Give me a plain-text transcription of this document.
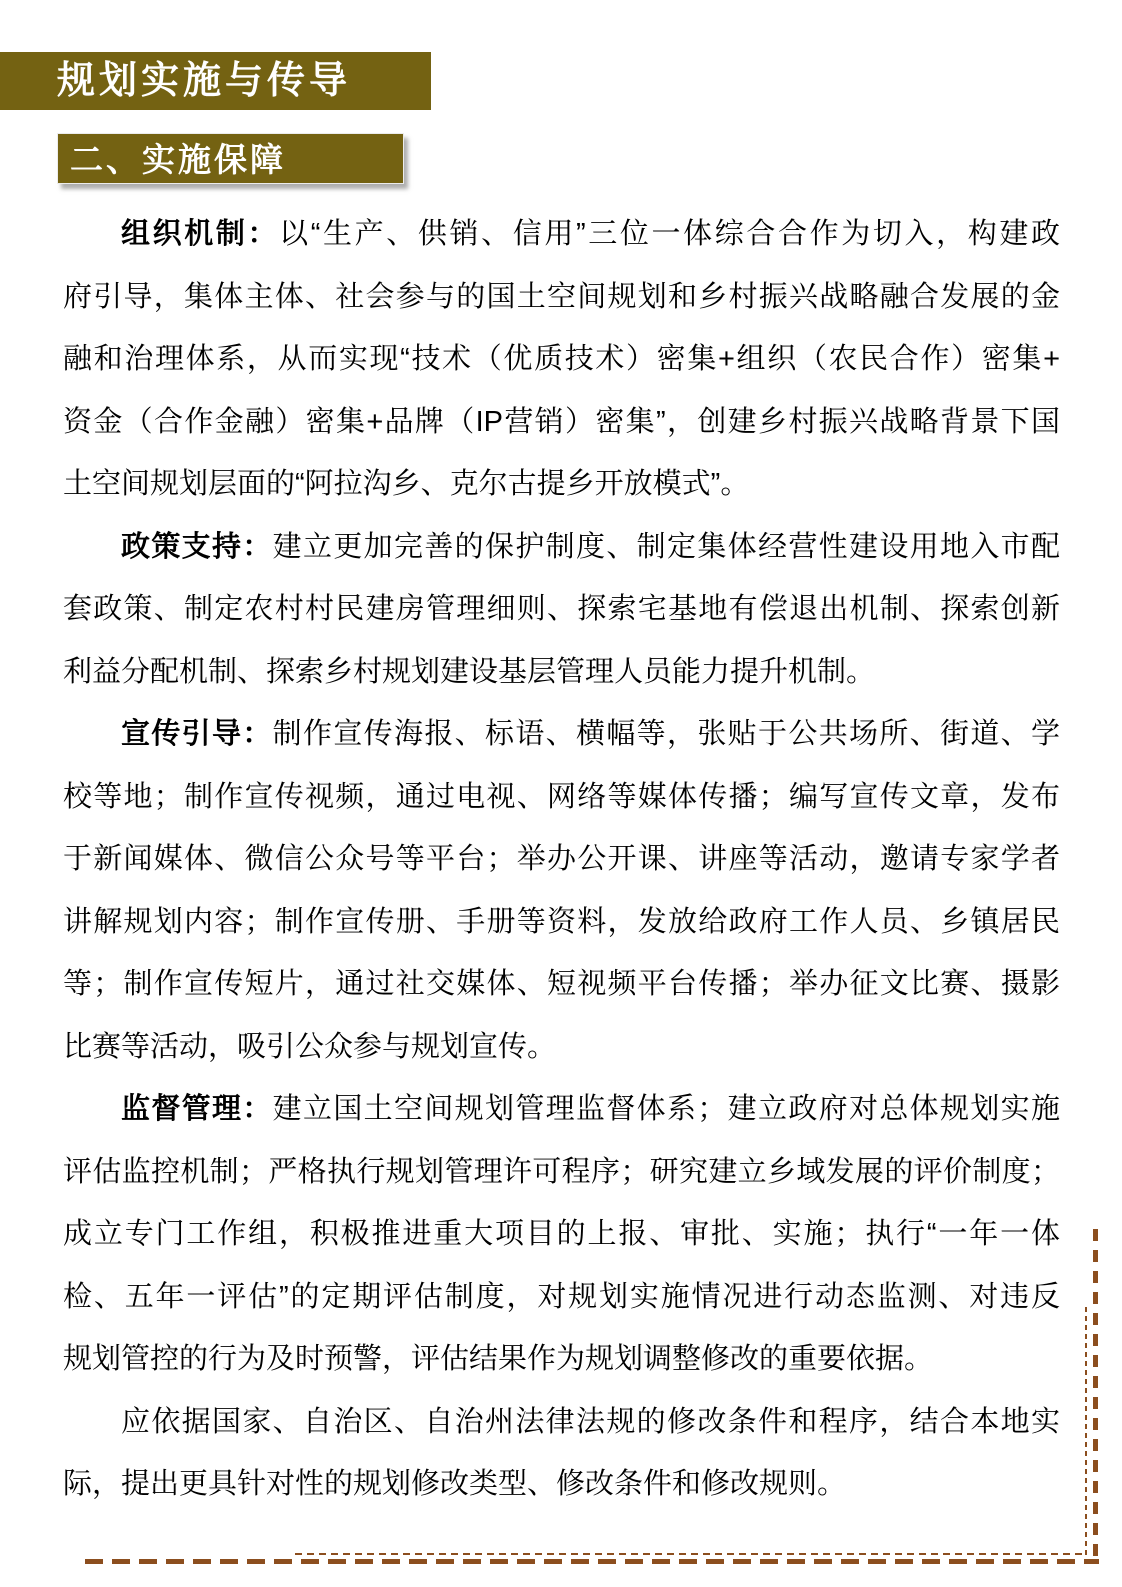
规划实施与传导
二、实施保障
组织机制：以“生产、供销、信用”三位一体综合合作为切入，构建政
府引导，集体主体、社会参与的国土空间规划和乡村振兴战略融合发展的金
融和治理体系，从而实现“技术（优质技术）密集+组织（农民合作）密集+
资金（合作金融）密集+品牌（IP营销）密集”，创建乡村振兴战略背景下国
土空间规划层面的“阿拉沟乡、克尔古提乡开放模式”。
政策支持：建立更加完善的保护制度、制定集体经营性建设用地入市配
套政策、制定农村村民建房管理细则、探索宅基地有偿退出机制、探索创新
利益分配机制、探索乡村规划建设基层管理人员能力提升机制。
宣传引导：制作宣传海报、标语、横幅等，张贴于公共场所、街道、学
校等地；制作宣传视频，通过电视、网络等媒体传播；编写宣传文章，发布
于新闻媒体、微信公众号等平台；举办公开课、讲座等活动，邀请专家学者
讲解规划内容；制作宣传册、手册等资料，发放给政府工作人员、乡镇居民
等；制作宣传短片，通过社交媒体、短视频平台传播；举办征文比赛、摄影
比赛等活动，吸引公众参与规划宣传。
监督管理：建立国土空间规划管理监督体系；建立政府对总体规划实施
评估监控机制；严格执行规划管理许可程序；研究建立乡域发展的评价制度；
成立专门工作组，积极推进重大项目的上报、审批、实施；执行“一年一体
检、五年一评估”的定期评估制度，对规划实施情况进行动态监测、对违反
规划管控的行为及时预警，评估结果作为规划调整修改的重要依据。
应依据国家、自治区、自治州法律法规的修改条件和程序，结合本地实
际，提出更具针对性的规划修改类型、修改条件和修改规则。
